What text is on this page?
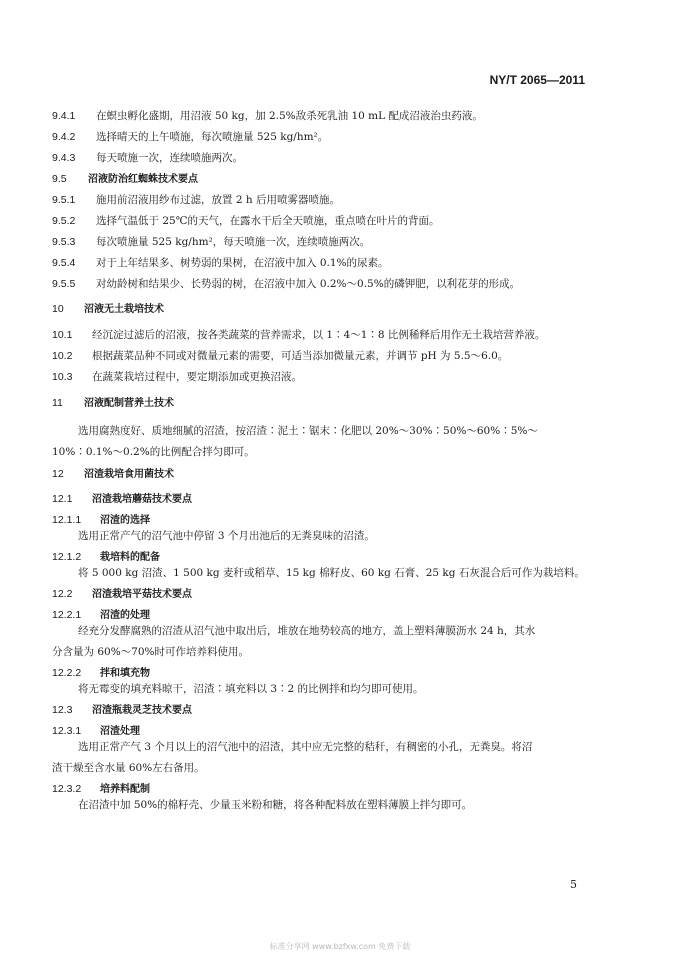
NY/T 2065—2011
9.4.1 在螟虫孵化盛期，用沼液 50 kg，加 2.5%敌杀死乳油 10 mL 配成沼液治虫药液。
9.4.2 选择晴天的上午喷施，每次喷施量 525 kg/hm²。
9.4.3 每天喷施一次，连续喷施两次。
9.5 沼液防治红蜘蛛技术要点
9.5.1 施用前沼液用纱布过滤，放置 2 h 后用喷雾器喷施。
9.5.2 选择气温低于 25℃的天气，在露水干后全天喷施，重点喷在叶片的背面。
9.5.3 每次喷施量 525 kg/hm²，每天喷施一次，连续喷施两次。
9.5.4 对于上年结果多、树势弱的果树，在沼液中加入 0.1%的尿素。
9.5.5 对幼龄树和结果少、长势弱的树，在沼液中加入 0.2%～0.5%的磷钾肥，以利花芽的形成。
10 沼液无土栽培技术
10.1 经沉淀过滤后的沼液，按各类蔬菜的营养需求，以 1∶4～1∶8 比例稀释后用作无土栽培营养液。
10.2 根据蔬菜品种不同或对微量元素的需要，可适当添加微量元素，并调节 pH 为 5.5～6.0。
10.3 在蔬菜栽培过程中，要定期添加或更换沼液。
11 沼液配制营养土技术
选用腐熟度好、质地细腻的沼渣，按沼渣∶泥土∶锯末∶化肥以 20%～30%∶50%～60%∶5%～
10%∶0.1%～0.2%的比例配合拌匀即可。
12 沼渣栽培食用菌技术
12.1 沼渣栽培蘑菇技术要点
12.1.1 沼渣的选择
选用正常产气的沼气池中停留 3 个月出池后的无粪臭味的沼渣。
12.1.2 栽培料的配备
将 5 000 kg 沼渣、1 500 kg 麦秆或稻草、15 kg 棉籽皮、60 kg 石膏、25 kg 石灰混合后可作为栽培料。
12.2 沼渣栽培平菇技术要点
12.2.1 沼渣的处理
经充分发酵腐熟的沼渣从沼气池中取出后，堆放在地势较高的地方，盖上塑料薄膜沥水 24 h，其水
分含量为 60%～70%时可作培养料使用。
12.2.2 拌和填充物
将无霉变的填充料晾干，沼渣∶填充料以 3∶2 的比例拌和均匀即可使用。
12.3 沼渣瓶栽灵芝技术要点
12.3.1 沼渣处理
选用正常产气 3 个月以上的沼气池中的沼渣，其中应无完整的秸秆，有稠密的小孔，无粪臭。将沼
渣干燥至含水量 60%左右备用。
12.3.2 培养料配制
在沼渣中加 50%的棉籽壳、少量玉米粉和糖，将各种配料放在塑料薄膜上拌匀即可。
5
标准分享网 www.bzfxw.com 免费下载
